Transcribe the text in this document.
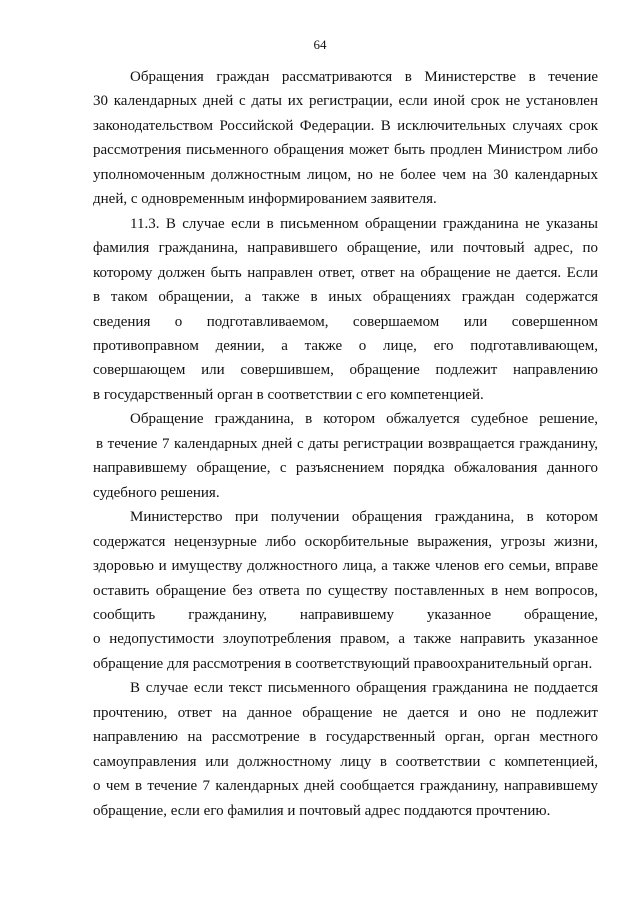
64
Обращения граждан рассматриваются в Министерстве в течение
30 календарных дней с даты их регистрации, если иной срок не установлен
законодательством Российской Федерации. В исключительных случаях срок
рассмотрения письменного обращения может быть продлен Министром либо
уполномоченным должностным лицом, но не более чем на 30 календарных
дней, с одновременным информированием заявителя.
11.3. В случае если в письменном обращении гражданина не указаны
фамилия гражданина, направившего обращение, или почтовый адрес, по
которому должен быть направлен ответ, ответ на обращение не дается. Если
в таком обращении, а также в иных обращениях граждан содержатся
сведения о подготавливаемом, совершаемом или совершенном
противоправном деянии, а также о лице, его подготавливающем,
совершающем или совершившем, обращение подлежит направлению
в государственный орган в соответствии с его компетенцией.
Обращение гражданина, в котором обжалуется судебное решение,
в течение 7 календарных дней с даты регистрации возвращается гражданину,
направившему обращение, с разъяснением порядка обжалования данного
судебного решения.
Министерство при получении обращения гражданина, в котором
содержатся нецензурные либо оскорбительные выражения, угрозы жизни,
здоровью и имуществу должностного лица, а также членов его семьи, вправе
оставить обращение без ответа по существу поставленных в нем вопросов,
сообщить гражданину, направившему указанное обращение,
о недопустимости злоупотребления правом, а также направить указанное
обращение для рассмотрения в соответствующий правоохранительный орган.
В случае если текст письменного обращения гражданина не поддается
прочтению, ответ на данное обращение не дается и оно не подлежит
направлению на рассмотрение в государственный орган, орган местного
самоуправления или должностному лицу в соответствии с компетенцией,
о чем в течение 7 календарных дней сообщается гражданину, направившему
обращение, если его фамилия и почтовый адрес поддаются прочтению.
